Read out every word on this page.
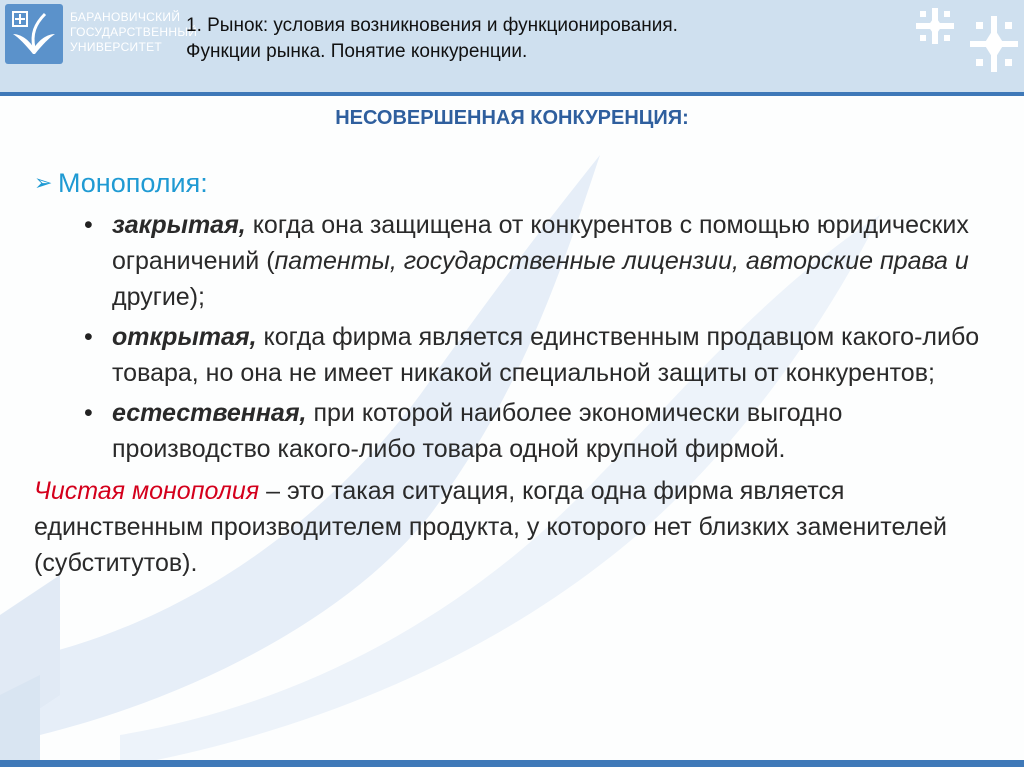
БАРАНОВИЧСКИЙ
ГОСУДАРСТВЕННЫЙ
УНИВЕРСИТЕТ
1. Рынок: условия возникновения и функционирования.
Функции рынка. Понятие конкуренции.
НЕСОВЕРШЕННАЯ КОНКУРЕНЦИЯ:
➢ Монополия:
• закрытая, когда она защищена от конкурентов с помощью юридических ограничений (патенты, государственные лицензии, авторские права и другие);
• открытая, когда фирма является единственным продавцом какого-либо товара, но она не имеет никакой специальной защиты от конкурентов;
• естественная, при которой наиболее экономически выгодно производство какого-либо товара одной крупной фирмой.
Чистая монополия – это такая ситуация, когда одна фирма является единственным производителем продукта, у которого нет близких заменителей (субститутов).
